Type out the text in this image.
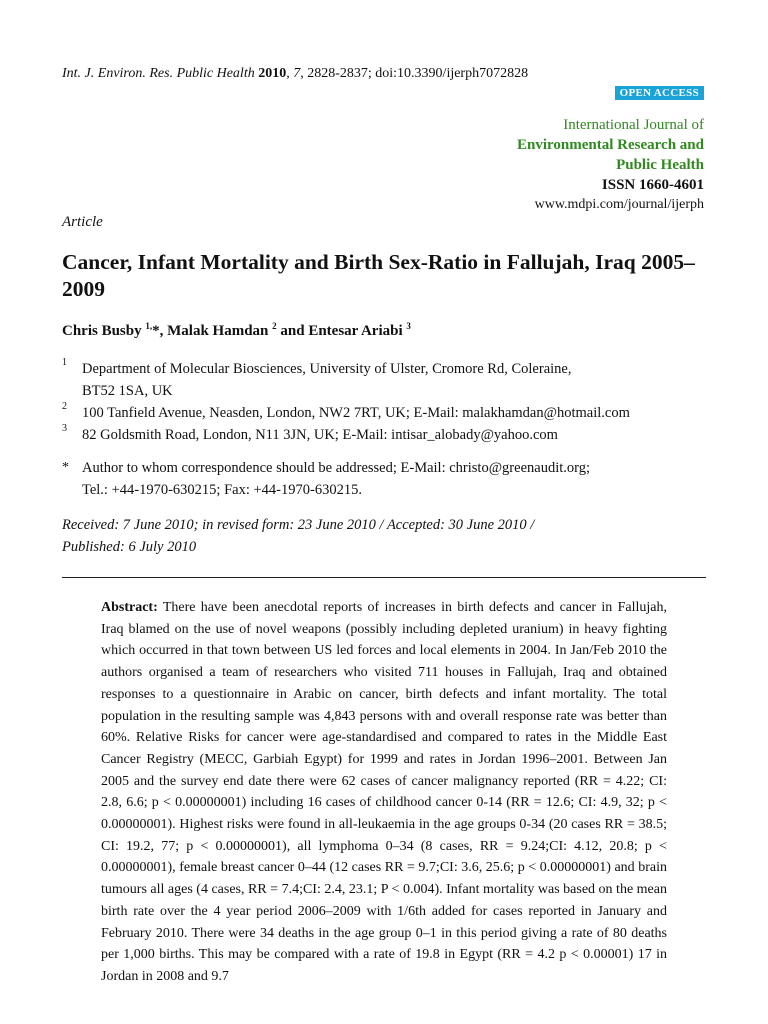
Int. J. Environ. Res. Public Health 2010, 7, 2828-2837; doi:10.3390/ijerph7072828
OPEN ACCESS
International Journal of
Environmental Research and
Public Health
ISSN 1660-4601
www.mdpi.com/journal/ijerph
Article
Cancer, Infant Mortality and Birth Sex-Ratio in Fallujah, Iraq 2005–2009
Chris Busby $^{1,}$*, Malak Hamdan $^2$ and Entesar Ariabi $^3$
1 Department of Molecular Biosciences, University of Ulster, Cromore Rd, Coleraine,
BT52 1SA, UK
2 100 Tanfield Avenue, Neasden, London, NW2 7RT, UK; E-Mail: malakhamdan@hotmail.com
3 82 Goldsmith Road, London, N11 3JN, UK; E-Mail: intisar_alobady@yahoo.com
* Author to whom correspondence should be addressed; E-Mail: christo@greenaudit.org;
Tel.: +44-1970-630215; Fax: +44-1970-630215.
Received: 7 June 2010; in revised form: 23 June 2010 / Accepted: 30 June 2010 /
Published: 6 July 2010
Abstract: There have been anecdotal reports of increases in birth defects and cancer in Fallujah, Iraq blamed on the use of novel weapons (possibly including depleted uranium) in heavy fighting which occurred in that town between US led forces and local elements in 2004. In Jan/Feb 2010 the authors organised a team of researchers who visited 711 houses in Fallujah, Iraq and obtained responses to a questionnaire in Arabic on cancer, birth defects and infant mortality. The total population in the resulting sample was 4,843 persons with and overall response rate was better than 60%. Relative Risks for cancer were age-standardised and compared to rates in the Middle East Cancer Registry (MECC, Garbiah Egypt) for 1999 and rates in Jordan 1996–2001. Between Jan 2005 and the survey end date there were 62 cases of cancer malignancy reported (RR = 4.22; CI: 2.8, 6.6; p < 0.00000001) including 16 cases of childhood cancer 0-14 (RR = 12.6; CI: 4.9, 32; p < 0.00000001). Highest risks were found in all-leukaemia in the age groups 0-34 (20 cases RR = 38.5; CI: 19.2, 77; p < 0.00000001), all lymphoma 0–34 (8 cases, RR = 9.24;CI: 4.12, 20.8; p < 0.00000001), female breast cancer 0–44 (12 cases RR = 9.7;CI: 3.6, 25.6; p < 0.00000001) and brain tumours all ages (4 cases, RR = 7.4;CI: 2.4, 23.1; P < 0.004). Infant mortality was based on the mean birth rate over the 4 year period 2006–2009 with 1/6th added for cases reported in January and February 2010. There were 34 deaths in the age group 0–1 in this period giving a rate of 80 deaths per 1,000 births. This may be compared with a rate of 19.8 in Egypt (RR = 4.2 p < 0.00001) 17 in Jordan in 2008 and 9.7
